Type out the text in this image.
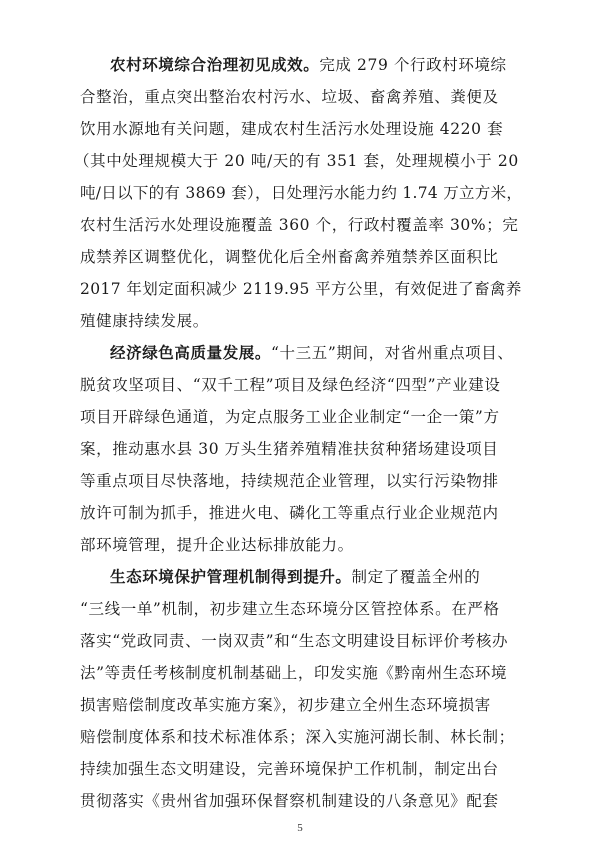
农村环境综合治理初见成效。完成 279 个行政村环境综
合整治，重点突出整治农村污水、垃圾、畜禽养殖、粪便及
饮用水源地有关问题，建成农村生活污水处理设施 4220 套
（其中处理规模大于 20 吨/天的有 351 套，处理规模小于 20
吨/日以下的有 3869 套），日处理污水能力约 1.74 万立方米，
农村生活污水处理设施覆盖 360 个，行政村覆盖率 30%；完
成禁养区调整优化，调整优化后全州畜禽养殖禁养区面积比
2017 年划定面积减少 2119.95 平方公里，有效促进了畜禽养
殖健康持续发展。
经济绿色高质量发展。“十三五”期间，对省州重点项目、
脱贫攻坚项目、“双千工程”项目及绿色经济“四型”产业建设
项目开辟绿色通道，为定点服务工业企业制定“一企一策”方
案，推动惠水县 30 万头生猪养殖精准扶贫种猪场建设项目
等重点项目尽快落地，持续规范企业管理，以实行污染物排
放许可制为抓手，推进火电、磷化工等重点行业企业规范内
部环境管理，提升企业达标排放能力。
生态环境保护管理机制得到提升。制定了覆盖全州的
“三线一单”机制，初步建立生态环境分区管控体系。在严格
落实“党政同责、一岗双责”和“生态文明建设目标评价考核办
法”等责任考核制度机制基础上，印发实施《黔南州生态环境
损害赔偿制度改革实施方案》，初步建立全州生态环境损害
赔偿制度体系和技术标准体系；深入实施河湖长制、林长制；
持续加强生态文明建设，完善环境保护工作机制，制定出台
贯彻落实《贵州省加强环保督察机制建设的八条意见》配套
5
